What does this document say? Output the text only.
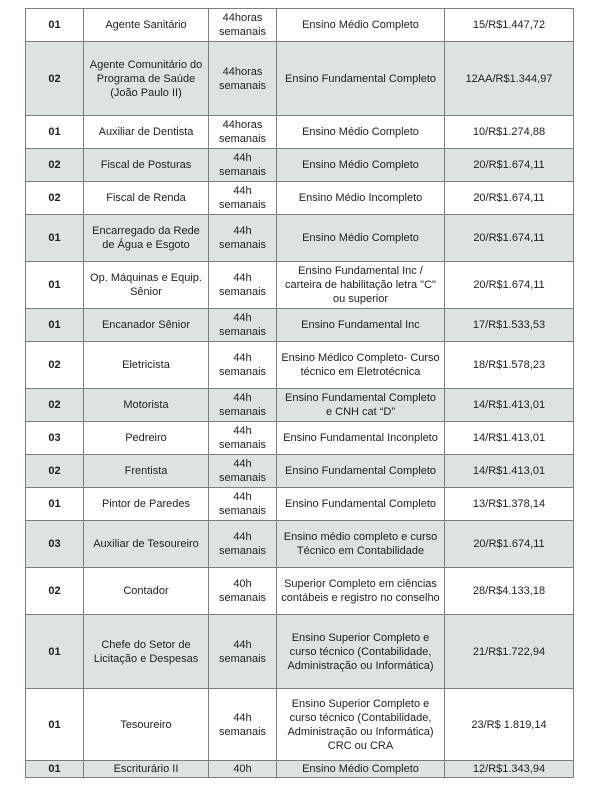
01	Agente Sanitário	44horas semanais	Ensino Médio Completo	15/R$1.447,72
02	Agente Comunitário do Programa de Saúde (João Paulo II)	44horas semanais	Ensino Fundamental Completo	12AA/R$1.344,97
01	Auxiliar de Dentista	44horas semanais	Ensino Médio Completo	10/R$1.274,88
02	Fiscal de Posturas	44h semanais	Ensino Médio Completo	20/R$1.674,11
02	Fiscal de Renda	44h semanais	Ensino Médio Incompleto	20/R$1.674,11
01	Encarregado da Rede de Água e Esgoto	44h semanais	Ensino Médio Completo	20/R$1.674,11
01	Op. Máquinas e Equip. Sênior	44h semanais	Ensino Fundamental Inc / carteira de habilitação letra "C" ou superior	20/R$1.674,11
01	Encanador Sênior	44h semanais	Ensino Fundamental Inc	17/R$1.533,53
02	Eletricista	44h semanais	Ensino Médico Completo- Curso técnico em Eletrotécnica	18/R$1.578,23
02	Motorista	44h semanais	Ensino Fundamental Completo e CNH cat “D”	14/R$1.413,01
03	Pedreiro	44h semanais	Ensino Fundamental Inconpleto	14/R$1.413,01
02	Frentista	44h semanais	Ensino Fundamental Completo	14/R$1.413,01
01	Pintor de Paredes	44h semanais	Ensino Fundamental Completo	13/R$1.378,14
03	Auxiliar de Tesoureiro	44h semanais	Ensino médio completo e curso Técnico em Contabilidade	20/R$1.674,11
02	Contador	40h semanais	Superior Completo em ciências contábeis e registro no conselho	28/R$4.133,18
01	Chefe do Setor de Licitação e Despesas	44h semanais	Ensino Superior Completo e curso técnico (Contabilidade, Administração ou Informática)	21/R$1.722,94
01	Tesoureiro	44h semanais	Ensino Superior Completo e curso técnico (Contabilidade, Administração ou Informática) CRC ou CRA	23/R$ 1.819,14
01	Escriturário II	40h	Ensino Médio Completo	12/R$1.343,94
